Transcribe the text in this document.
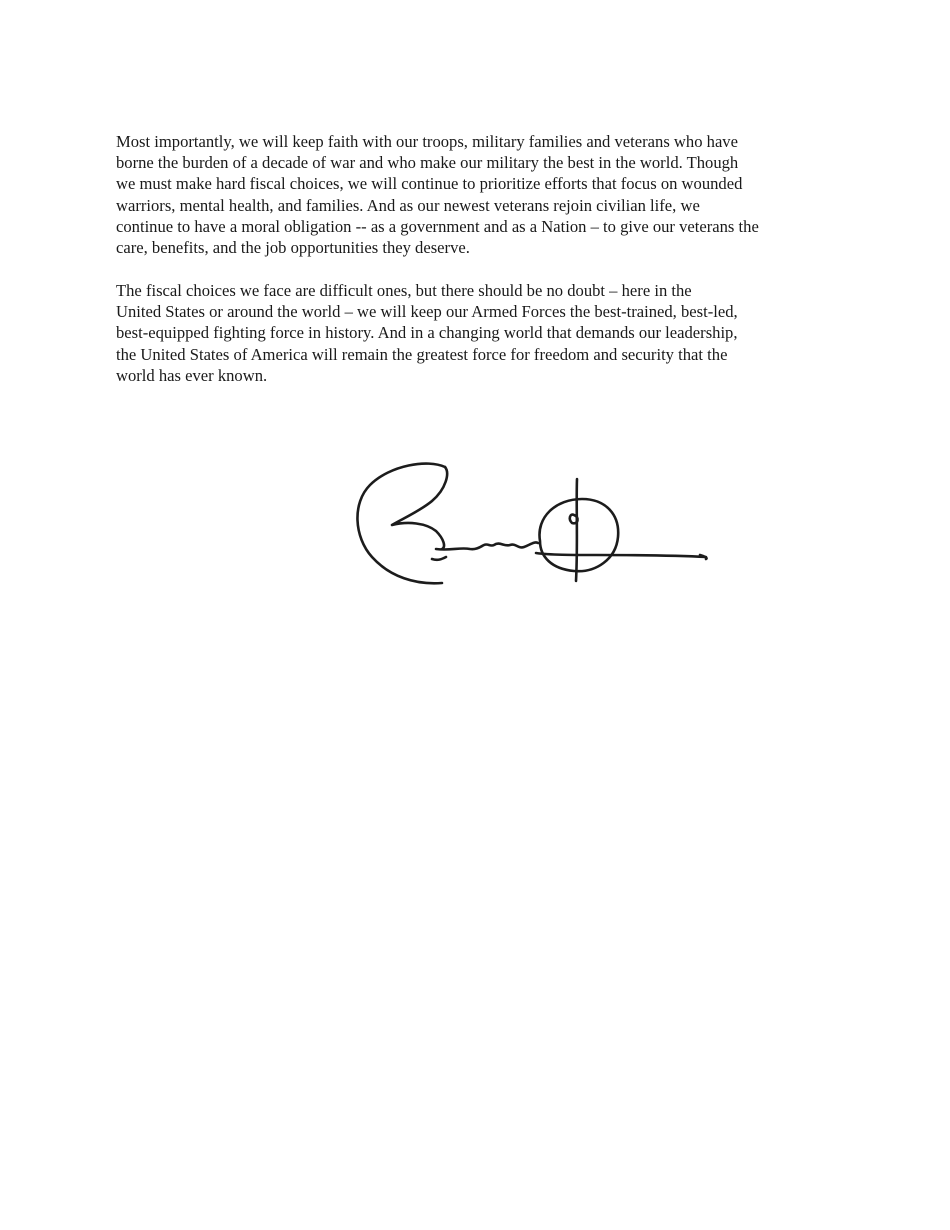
Most importantly, we will keep faith with our troops, military families and veterans who have
borne the burden of a decade of war and who make our military the best in the world. Though
we must make hard fiscal choices, we will continue to prioritize efforts that focus on wounded
warriors, mental health, and families. And as our newest veterans rejoin civilian life, we
continue to have a moral obligation -- as a government and as a Nation – to give our veterans the
care, benefits, and the job opportunities they deserve.

The fiscal choices we face are difficult ones, but there should be no doubt – here in the
United States or around the world – we will keep our Armed Forces the best-trained, best-led,
best-equipped fighting force in history. And in a changing world that demands our leadership,
the United States of America will remain the greatest force for freedom and security that the
world has ever known.
